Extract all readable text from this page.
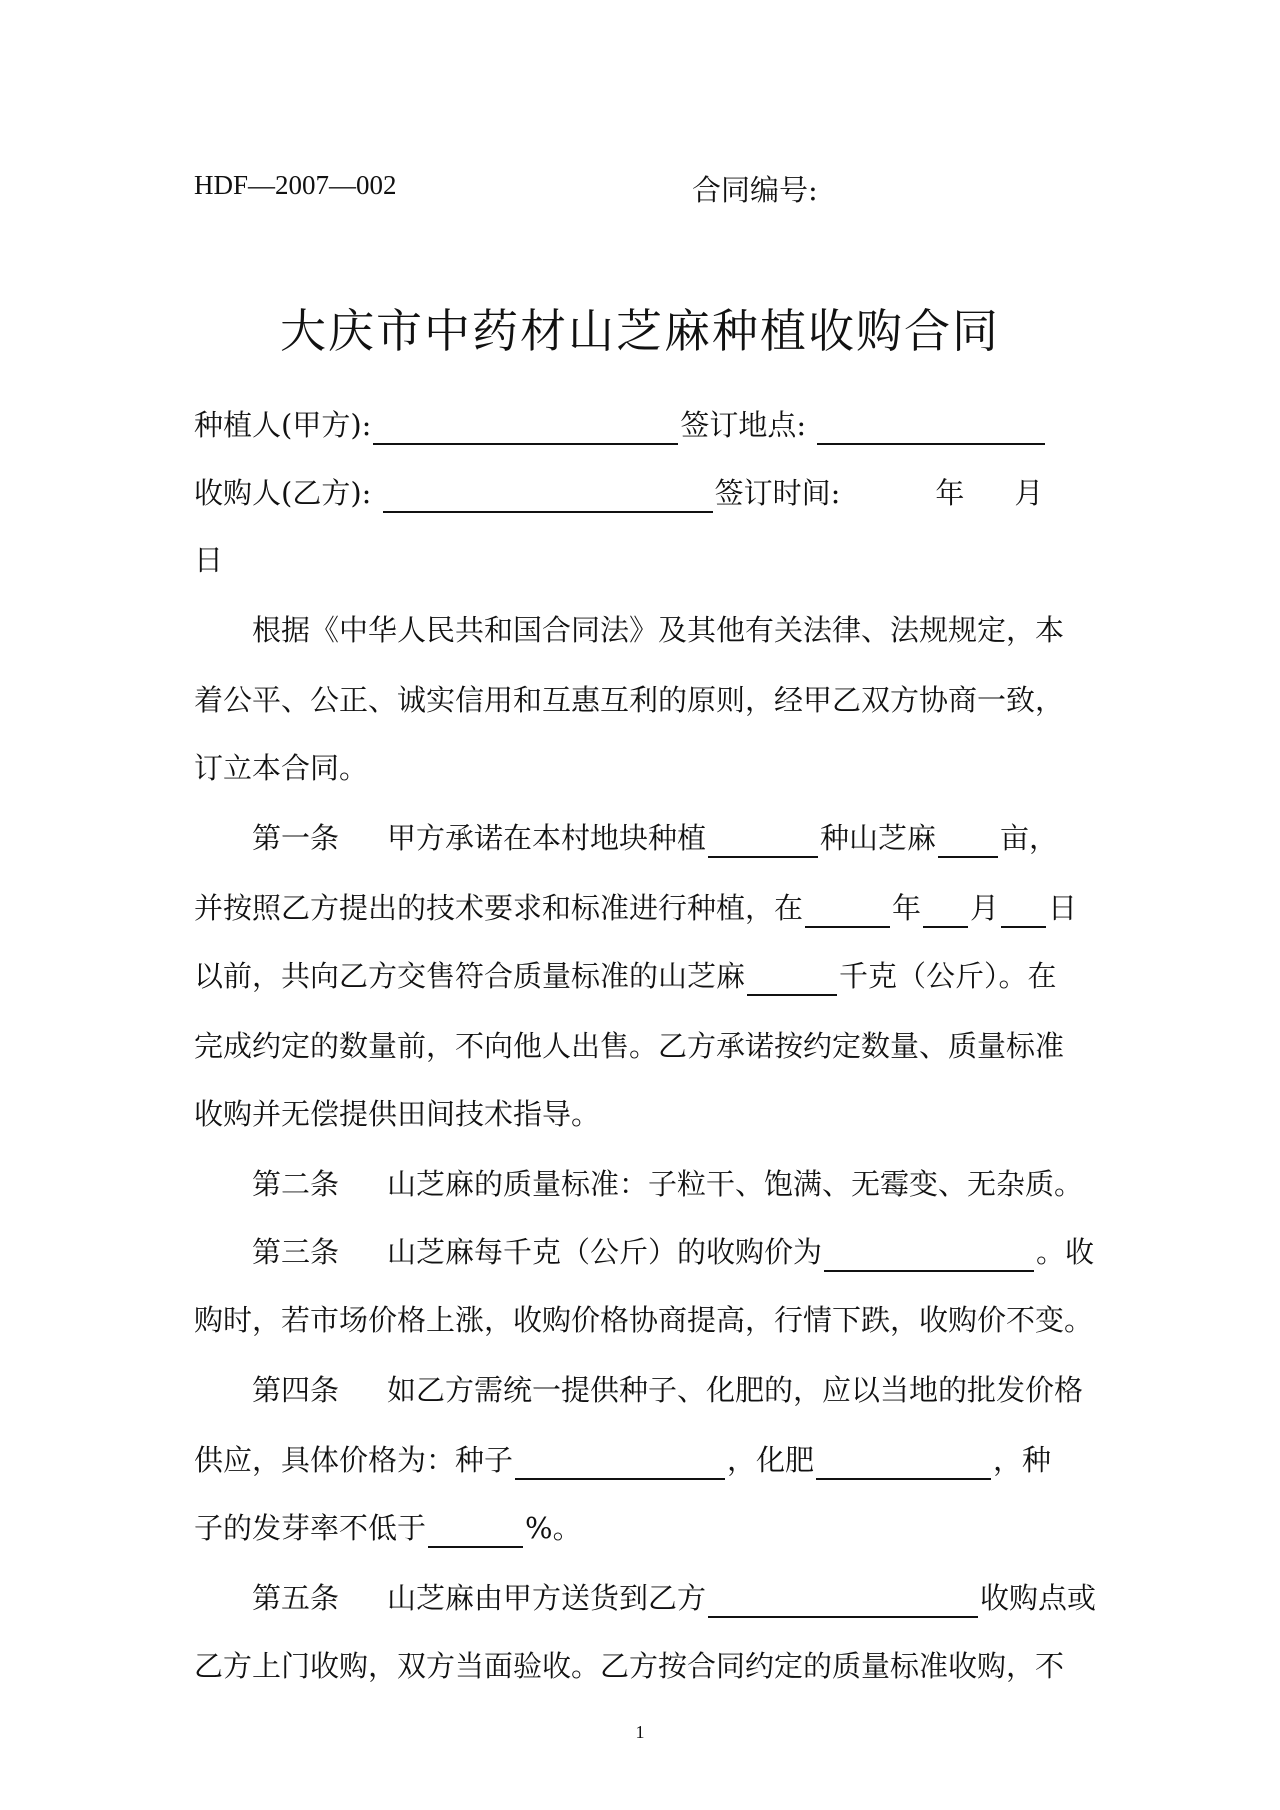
HDF—2007—002	合同编号:
大庆市中药材山芝麻种植收购合同
种植人(甲方):	签订地点:
收购人(乙方):	签订时间:	年 月
日
根据《中华人民共和国合同法》及其他有关法律、法规规定，本
着公平、公正、诚实信用和互惠互利的原则，经甲乙双方协商一致，
订立本合同。
第一条 甲方承诺在本村地块种植	种山芝麻 亩，
并按照乙方提出的技术要求和标准进行种植，在	年 月 日
以前，共向乙方交售符合质量标准的山芝麻	千克（公斤）。在
完成约定的数量前，不向他人出售。乙方承诺按约定数量、质量标准
收购并无偿提供田间技术指导。
第二条 山芝麻的质量标准：子粒干、饱满、无霉变、无杂质。
第三条 山芝麻每千克（公斤）的收购价为	。收
购时，若市场价格上涨，收购价格协商提高，行情下跌，收购价不变。
第四条 如乙方需统一提供种子、化肥的，应以当地的批发价格
供应，具体价格为：种子	，化肥	，种
子的发芽率不低于	%。
第五条 山芝麻由甲方送货到乙方	收购点或
乙方上门收购，双方当面验收。乙方按合同约定的质量标准收购，不
1
